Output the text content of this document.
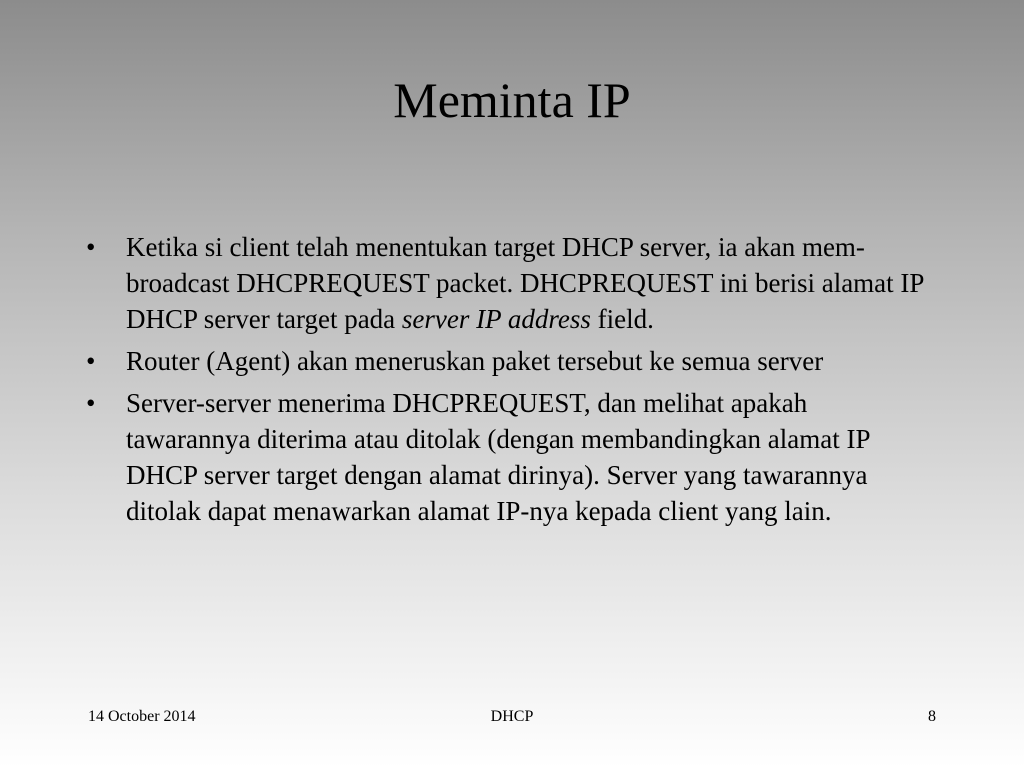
Meminta IP
• Ketika si client telah menentukan target DHCP server, ia akan mem-broadcast DHCPREQUEST packet. DHCPREQUEST ini berisi alamat IP DHCP server target pada server IP address field.
• Router (Agent) akan meneruskan paket tersebut ke semua server
• Server-server menerima DHCPREQUEST, dan melihat apakah tawarannya diterima atau ditolak (dengan membandingkan alamat IP DHCP server target dengan alamat dirinya). Server yang tawarannya ditolak dapat menawarkan alamat IP-nya kepada client yang lain.
DHCP
14 October 2014	8
